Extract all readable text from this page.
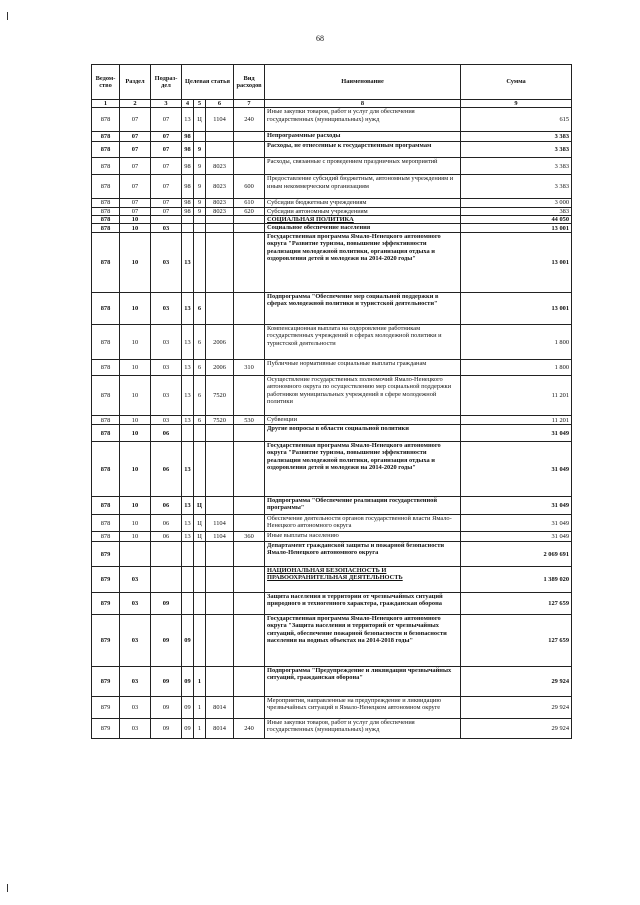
68
Ведом- ство	Раздел	Подраз- дел	Целевая статья			Вид расходов	Наименование	Сумма
1	2	3	4	5	6	7	8	9
878	07	07	13	Ц	1104	240	Иные закупки товаров, работ и услуг для обеспечения государственных (муниципальных) нужд	615
878	07	07	98				Непрограммные расходы	3 383
878	07	07	98	9			Расходы, не отнесенные к государственным программам	3 383
878	07	07	98	9	8023		Расходы, связанные с проведением праздничных мероприятий	3 383
878	07	07	98	9	8023	600	Предоставление субсидий бюджетным, автономным учреждениям и иным некоммерческим организациям	3 383
878	07	07	98	9	8023	610	Субсидии бюджетным учреждениям	3 000
878	07	07	98	9	8023	620	Субсидии автономным учреждениям	383
878	10						СОЦИАЛЬНАЯ ПОЛИТИКА	44 050
878	10	03					Социальное обеспечение населения	13 001
878	10	03	13				Государственная программа Ямало-Ненецкого автономного округа "Развитие туризма, повышение эффективности реализации молодежной политики, организация отдыха и оздоровления детей и молодежи на 2014-2020 годы"	13 001
878	10	03	13	6			Подпрограмма "Обеспечение мер социальной поддержки в сферах молодежной политики и туристской деятельности"	13 001
878	10	03	13	6	2006		Компенсационная выплата на оздоровление работникам государственных учреждений в сферах молодежной политики и туристской деятельности	1 800
878	10	03	13	6	2006	310	Публичные нормативные социальные выплаты гражданам	1 800
878	10	03	13	6	7520		Осуществление государственных полномочий Ямало-Ненецкого автономного округа по осуществлению мер социальной поддержки работников муниципальных учреждений в сфере молодежной политики	11 201
878	10	03	13	6	7520	530	Субвенции	11 201
878	10	06					Другие вопросы в области социальной политики	31 049
878	10	06	13				Государственная программа Ямало-Ненецкого автономного округа "Развитие туризма, повышение эффективности реализации молодежной политики, организация отдыха и оздоровления детей и молодежи на 2014-2020 годы"	31 049
878	10	06	13	Ц			Подпрограмма "Обеспечение реализации государственной программы"	31 049
878	10	06	13	Ц	1104		Обеспечение деятельности органов государственной власти Ямало-Ненецкого автономного округа	31 049
878	10	06	13	Ц	1104	360	Иные выплаты населению	31 049
879							Департамент гражданской защиты и пожарной безопасности Ямало-Ненецкого автономного округа	2 069 691
879	03						НАЦИОНАЛЬНАЯ БЕЗОПАСНОСТЬ И ПРАВООХРАНИТЕЛЬНАЯ ДЕЯТЕЛЬНОСТЬ	1 389 020
879	03	09					Защита населения и территории от чрезвычайных ситуаций природного и техногенного характера, гражданская оборона	127 659
879	03	09	09				Государственная программа Ямало-Ненецкого автономного округа "Защита населения и территорий от чрезвычайных ситуаций, обеспечение пожарной безопасности и безопасности населения на водных объектах на 2014-2018 годы"	127 659
879	03	09	09	1			Подпрограмма "Предупреждение и ликвидация чрезвычайных ситуаций, гражданская оборона"	29 924
879	03	09	09	1	8014		Мероприятия, направленные на предупреждение и ликвидацию чрезвычайных ситуаций в Ямало-Ненецком автономном округе	29 924
879	03	09	09	1	8014	240	Иные закупки товаров, работ и услуг для обеспечения государственных (муниципальных) нужд	29 924
